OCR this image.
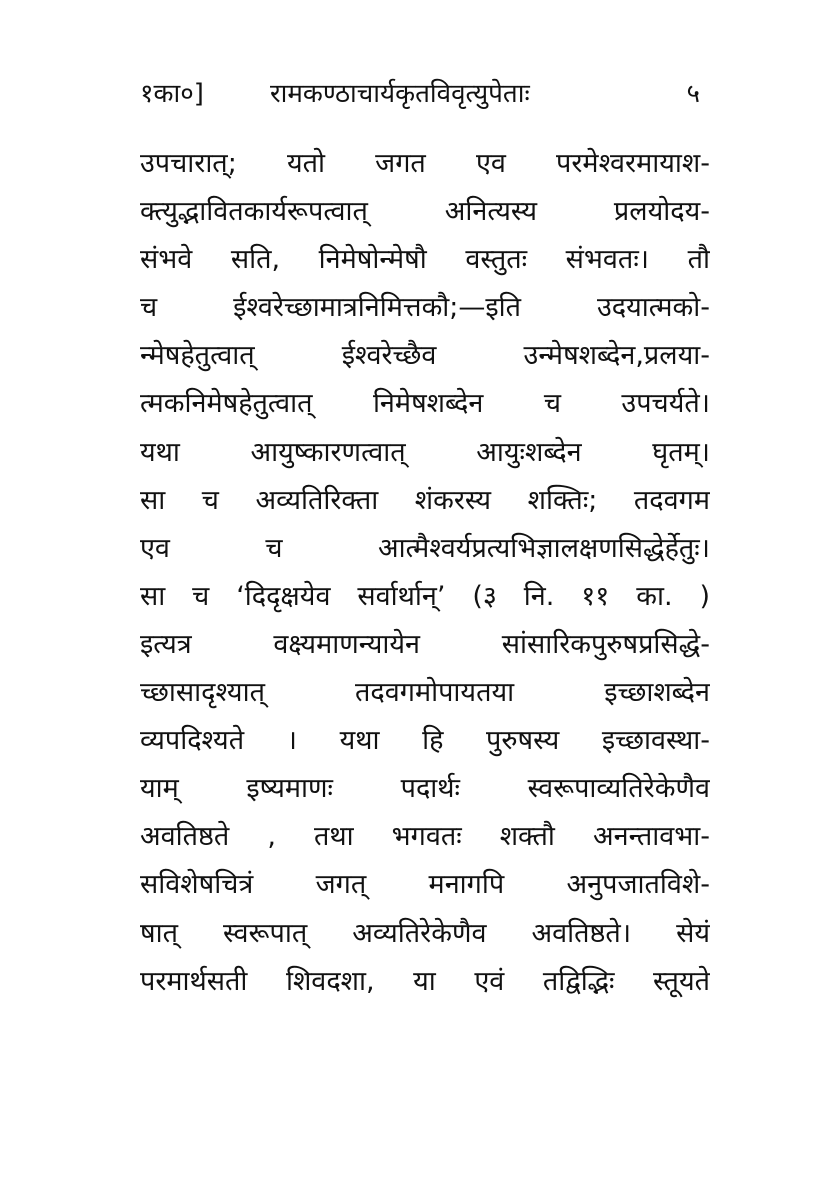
१का०]	रामकण्ठाचार्यकृतविवृत्युपेताः	५
उपचारात्; यतो जगत एव परमेश्वरमायाश-
क्त्युद्भावितकार्यरूपत्वात् अनित्यस्य प्रलयोदय-
संभवे सति, निमेषोन्मेषौ वस्तुतः संभवतः। तौ
च ईश्वरेच्छामात्रनिमित्तकौ;—इति उदयात्मको-
न्मेषहेतुत्वात् ईश्वरेच्छैव उन्मेषशब्देन,प्रलया-
त्मकनिमेषहेतुत्वात् निमेषशब्देन च उपचर्यते।
यथा आयुष्कारणत्वात् आयुःशब्देन घृतम्।
सा च अव्यतिरिक्ता शंकरस्य शक्तिः; तदवगम
एव च आत्मैश्वर्यप्रत्यभिज्ञालक्षणसिद्धेर्हेतुः।
सा च ‘दिदृक्षयेव सर्वार्थान्’ (३ नि. ११ का. )
इत्यत्र वक्ष्यमाणन्यायेन सांसारिकपुरुषप्रसिद्धे-
च्छासादृश्यात् तदवगमोपायतया इच्छाशब्देन
व्यपदिश्यते । यथा हि पुरुषस्य इच्छावस्था-
याम् इष्यमाणः पदार्थः स्वरूपाव्यतिरेकेणैव
अवतिष्ठते , तथा भगवतः शक्तौ अनन्तावभा-
सविशेषचित्रं जगत् मनागपि अनुपजातविशे-
षात् स्वरूपात् अव्यतिरेकेणैव अवतिष्ठते। सेयं
परमार्थसती शिवदशा, या एवं तद्विद्भिः स्तूयते
